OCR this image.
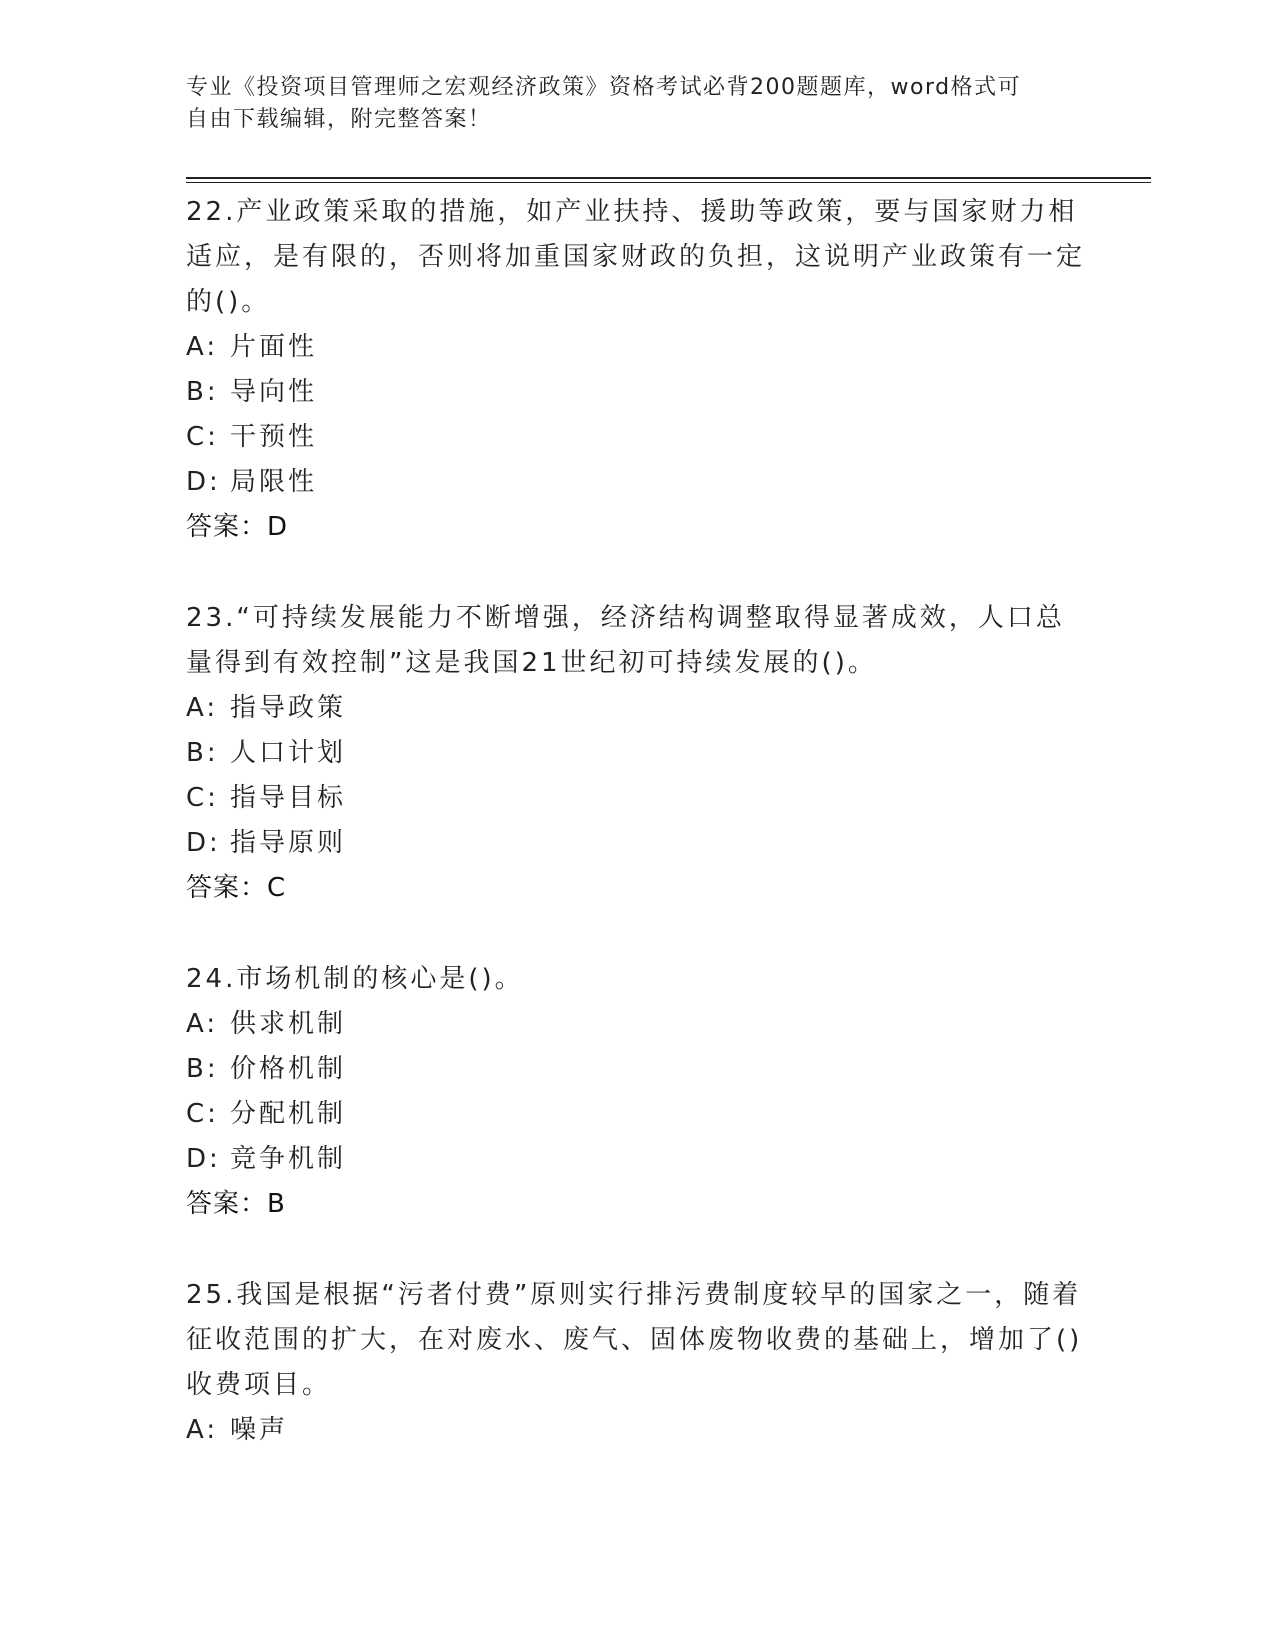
专业《投资项目管理师之宏观经济政策》资格考试必背200题题库，word格式可
自由下载编辑，附完整答案！

22.产业政策采取的措施，如产业扶持、援助等政策，要与国家财力相适应，是有限的，否则将加重国家财政的负担，这说明产业政策有一定的()。

A: 片面性

B: 导向性

C: 干预性

D: 局限性

答案：D

23.“可持续发展能力不断增强，经济结构调整取得显著成效，人口总量得到有效控制”这是我国21世纪初可持续发展的()。

A: 指导政策

B: 人口计划

C: 指导目标

D: 指导原则

答案：C

24.市场机制的核心是()。

A: 供求机制

B: 价格机制

C: 分配机制

D: 竞争机制

答案：B

25.我国是根据“污者付费”原则实行排污费制度较早的国家之一，随着征收范围的扩大，在对废水、废气、固体废物收费的基础上，增加了()收费项目。

A: 噪声
